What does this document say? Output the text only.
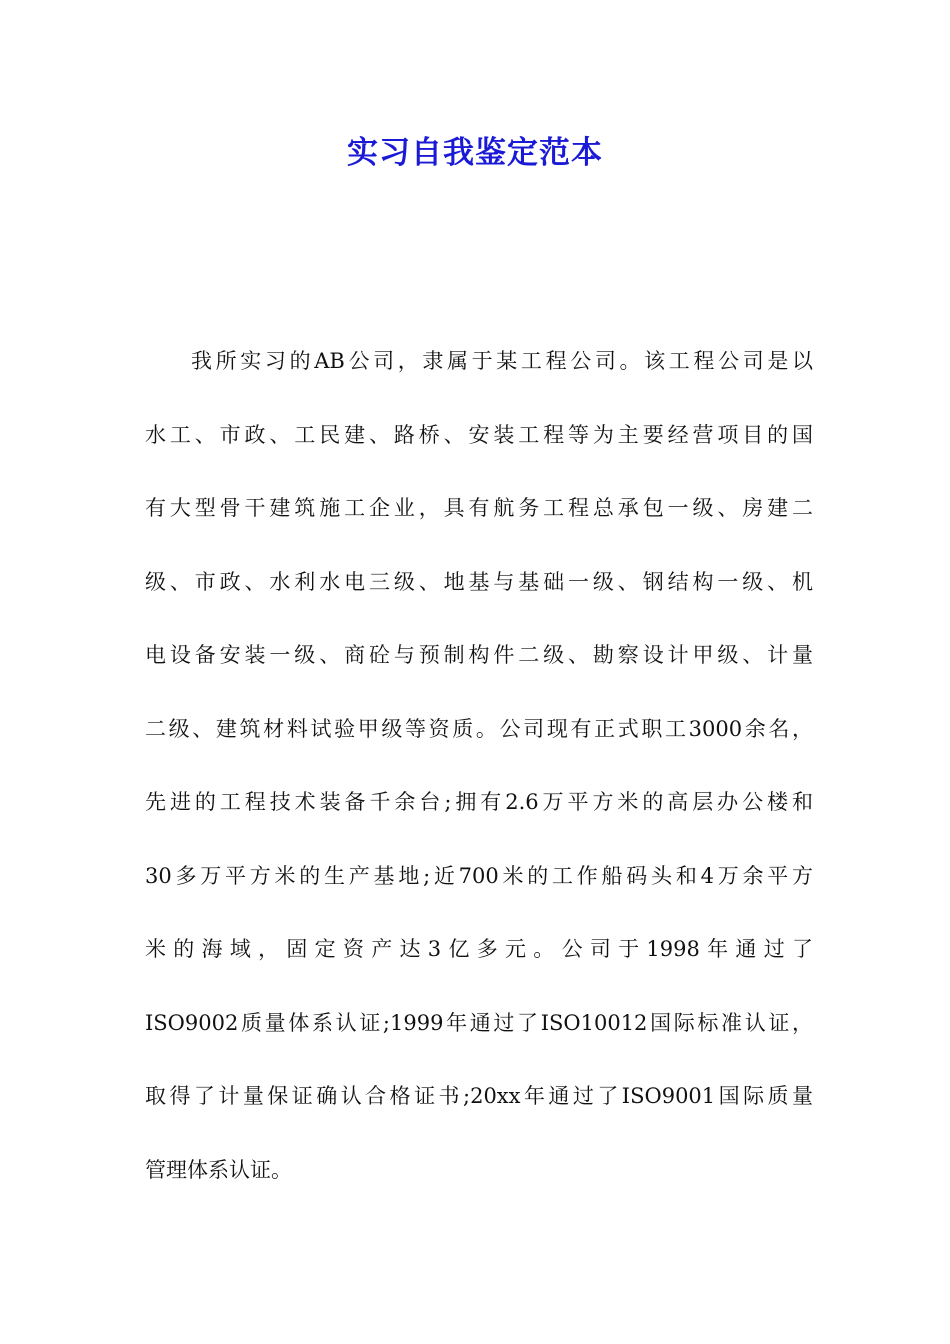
实习自我鉴定范本
我所实习的AB公司，隶属于某工程公司。该工程公司是以
水工、市政、工民建、路桥、安装工程等为主要经营项目的国
有大型骨干建筑施工企业，具有航务工程总承包一级、房建二
级、市政、水利水电三级、地基与基础一级、钢结构一级、机
电设备安装一级、商砼与预制构件二级、勘察设计甲级、计量
二级、建筑材料试验甲级等资质。公司现有正式职工3000余名，
先进的工程技术装备千余台;拥有2.6万平方米的高层办公楼和
30多万平方米的生产基地;近700米的工作船码头和4万余平方
米的海域，固定资产达3亿多元。公司于1998年通过了
ISO9002质量体系认证;1999年通过了ISO10012国际标准认证，
取得了计量保证确认合格证书;20xx年通过了ISO9001国际质量
管理体系认证。
